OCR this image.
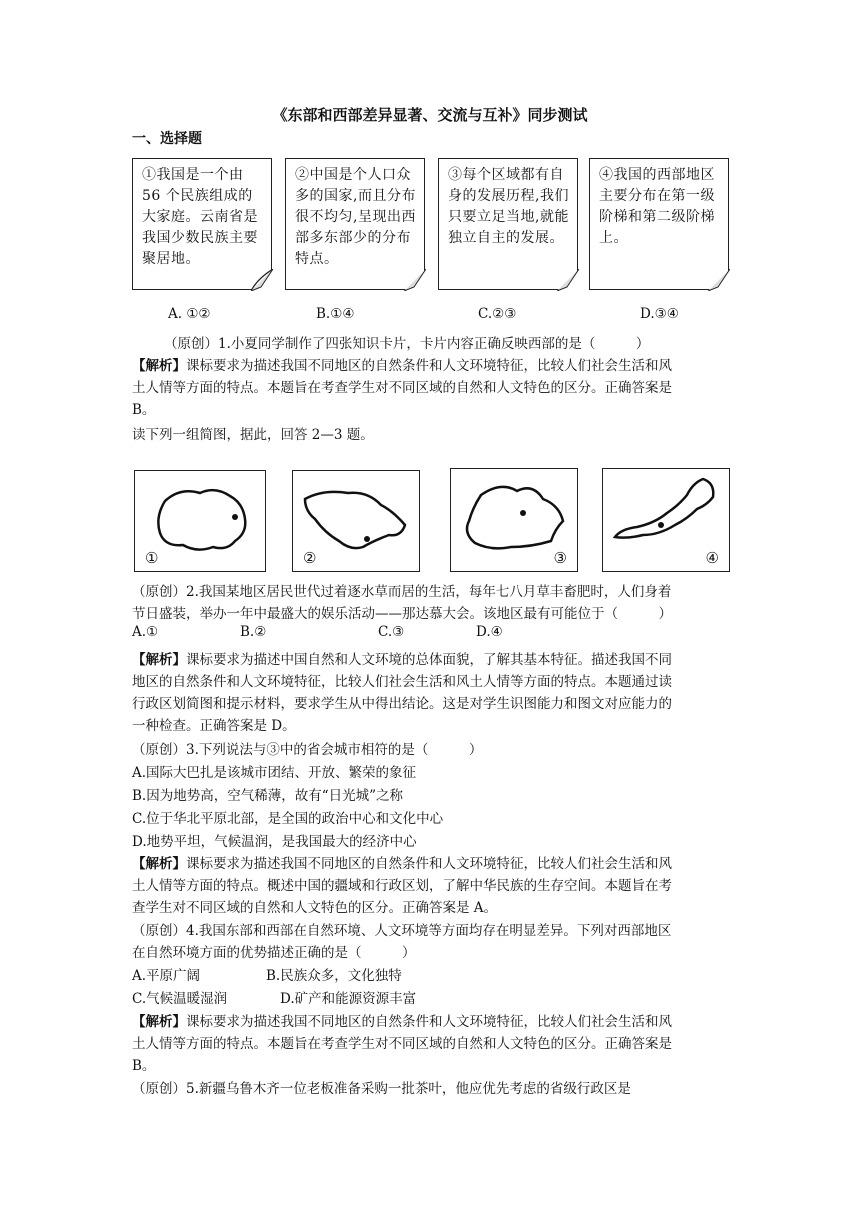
《东部和西部差异显著、交流与互补》同步测试
一、选择题
①我国是一个由 56 个民族组成的大家庭。云南省是我国少数民族主要聚居地。
②中国是个人口众多的国家,而且分布很不均匀,呈现出西部多东部少的分布特点。
③每个区域都有自身的发展历程,我们只要立足当地,就能独立自主的发展。
④我国的西部地区主要分布在第一级阶梯和第二级阶梯上。
A. ①②	B.①④	C.②③	D.③④
（原创）1.小夏同学制作了四张知识卡片，卡片内容正确反映西部的是（　　　）
【解析】课标要求为描述我国不同地区的自然条件和人文环境特征，比较人们社会生活和风
土人情等方面的特点。本题旨在考查学生对不同区域的自然和人文特色的区分。正确答案是
B。
读下列一组简图，据此，回答 2—3 题。
①	②	③	④
（原创）2.我国某地区居民世代过着逐水草而居的生活，每年七八月草丰畜肥时，人们身着
节日盛装，举办一年中最盛大的娱乐活动——那达慕大会。该地区最有可能位于（　　　）
A.①	B.②	C.③	D.④
【解析】课标要求为描述中国自然和人文环境的总体面貌，了解其基本特征。描述我国不同
地区的自然条件和人文环境特征，比较人们社会生活和风土人情等方面的特点。本题通过读
行政区划简图和提示材料，要求学生从中得出结论。这是对学生识图能力和图文对应能力的
一种检查。正确答案是 D。
（原创）3.下列说法与③中的省会城市相符的是（　　　）
A.国际大巴扎是该城市团结、开放、繁荣的象征
B.因为地势高，空气稀薄，故有“日光城”之称
C.位于华北平原北部，是全国的政治中心和文化中心
D.地势平坦，气候温润，是我国最大的经济中心
【解析】课标要求为描述我国不同地区的自然条件和人文环境特征，比较人们社会生活和风
土人情等方面的特点。概述中国的疆域和行政区划，了解中华民族的生存空间。本题旨在考
查学生对不同区域的自然和人文特色的区分。正确答案是 A。
（原创）4.我国东部和西部在自然环境、人文环境等方面均存在明显差异。下列对西部地区
在自然环境方面的优势描述正确的是（　　　）
A.平原广阔	B.民族众多，文化独特
C.气候温暖湿润	D.矿产和能源资源丰富
【解析】课标要求为描述我国不同地区的自然条件和人文环境特征，比较人们社会生活和风
土人情等方面的特点。本题旨在考查学生对不同区域的自然和人文特色的区分。正确答案是
B。
（原创）5.新疆乌鲁木齐一位老板准备采购一批茶叶，他应优先考虑的省级行政区是
